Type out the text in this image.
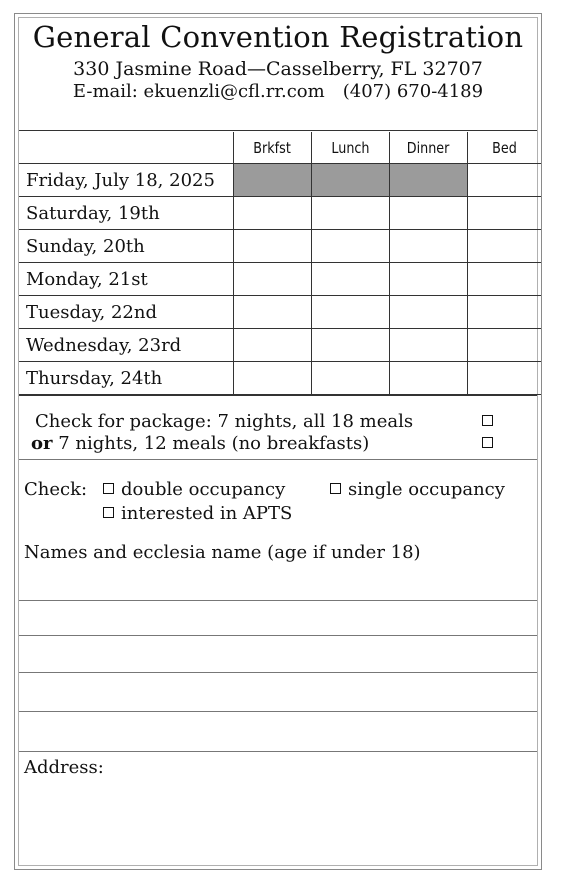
General Convention Registration
330 Jasmine Road—Casselberry, FL 32707
E-mail: ekuenzli@cfl.rr.com (407) 670-4189
	Brkfst	Lunch	Dinner	Bed
Friday, July 18, 2025				
Saturday, 19th				
Sunday, 20th				
Monday, 21st				
Tuesday, 22nd				
Wednesday, 23rd				
Thursday, 24th				
Check for package: 7 nights, all 18 meals
or 7 nights, 12 meals (no breakfasts)
Check:	double occupancy	single occupancy
interested in APTS
Names and ecclesia name (age if under 18)
Address:
